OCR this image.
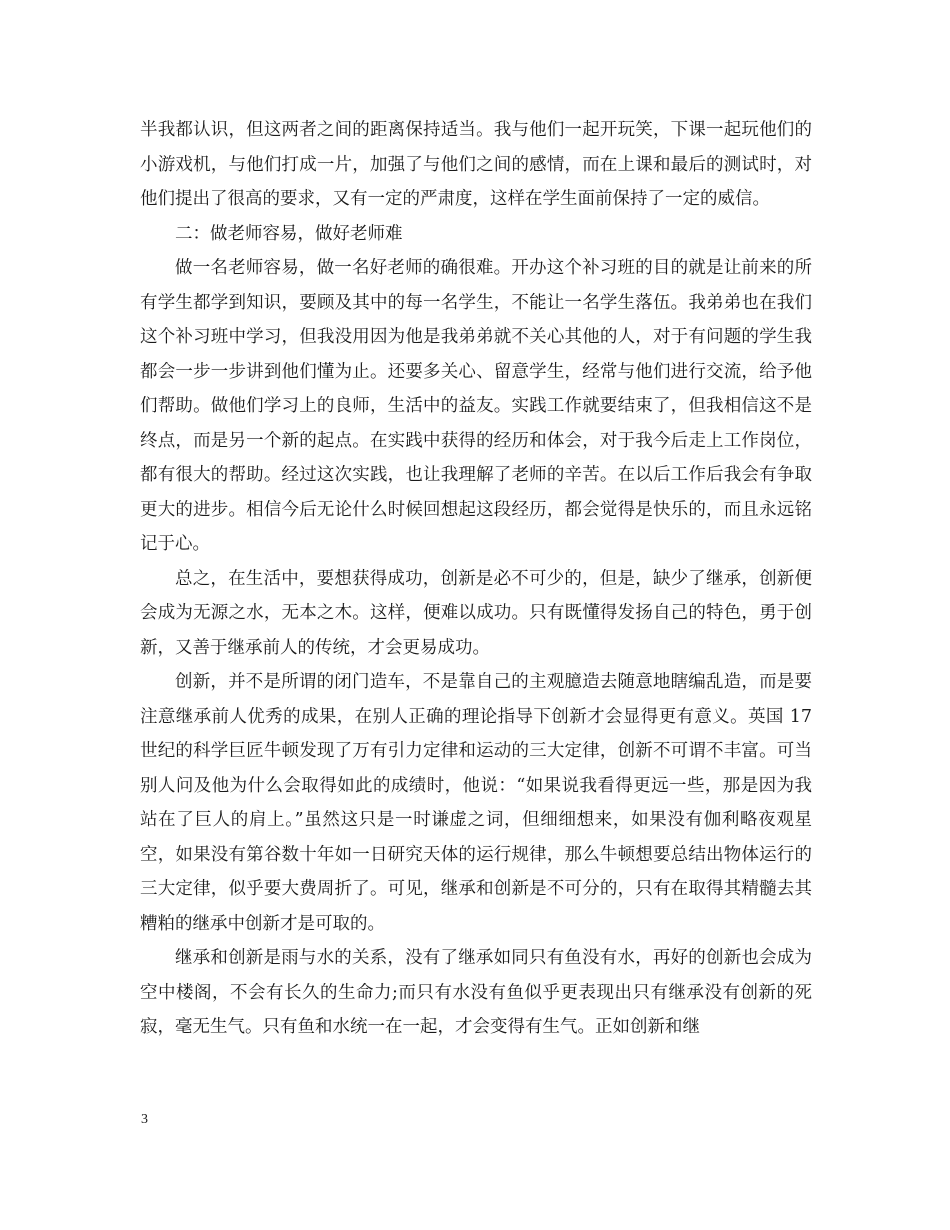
半我都认识，但这两者之间的距离保持适当。我与他们一起开玩笑，下课一起玩他们的小游戏机，与他们打成一片，加强了与他们之间的感情，而在上课和最后的测试时，对他们提出了很高的要求，又有一定的严肃度，这样在学生面前保持了一定的威信。

二：做老师容易，做好老师难

做一名老师容易，做一名好老师的确很难。开办这个补习班的目的就是让前来的所有学生都学到知识，要顾及其中的每一名学生，不能让一名学生落伍。我弟弟也在我们这个补习班中学习，但我没用因为他是我弟弟就不关心其他的人，对于有问题的学生我都会一步一步讲到他们懂为止。还要多关心、留意学生，经常与他们进行交流，给予他们帮助。做他们学习上的良师，生活中的益友。实践工作就要结束了，但我相信这不是终点，而是另一个新的起点。在实践中获得的经历和体会，对于我今后走上工作岗位，都有很大的帮助。经过这次实践，也让我理解了老师的辛苦。在以后工作后我会有争取更大的进步。相信今后无论什么时候回想起这段经历，都会觉得是快乐的，而且永远铭记于心。

总之，在生活中，要想获得成功，创新是必不可少的，但是，缺少了继承，创新便会成为无源之水，无本之木。这样，便难以成功。只有既懂得发扬自己的特色，勇于创新，又善于继承前人的传统，才会更易成功。

创新，并不是所谓的闭门造车，不是靠自己的主观臆造去随意地瞎编乱造，而是要注意继承前人优秀的成果，在别人正确的理论指导下创新才会显得更有意义。英国 17世纪的科学巨匠牛顿发现了万有引力定律和运动的三大定律，创新不可谓不丰富。可当别人问及他为什么会取得如此的成绩时，他说：“如果说我看得更远一些，那是因为我站在了巨人的肩上。”虽然这只是一时谦虚之词，但细细想来，如果没有伽利略夜观星空，如果没有第谷数十年如一日研究天体的运行规律，那么牛顿想要总结出物体运行的三大定律，似乎要大费周折了。可见，继承和创新是不可分的，只有在取得其精髓去其糟粕的继承中创新才是可取的。

继承和创新是雨与水的关系，没有了继承如同只有鱼没有水，再好的创新也会成为空中楼阁，不会有长久的生命力;而只有水没有鱼似乎更表现出只有继承没有创新的死寂，毫无生气。只有鱼和水统一在一起，才会变得有生气。正如创新和继

3
